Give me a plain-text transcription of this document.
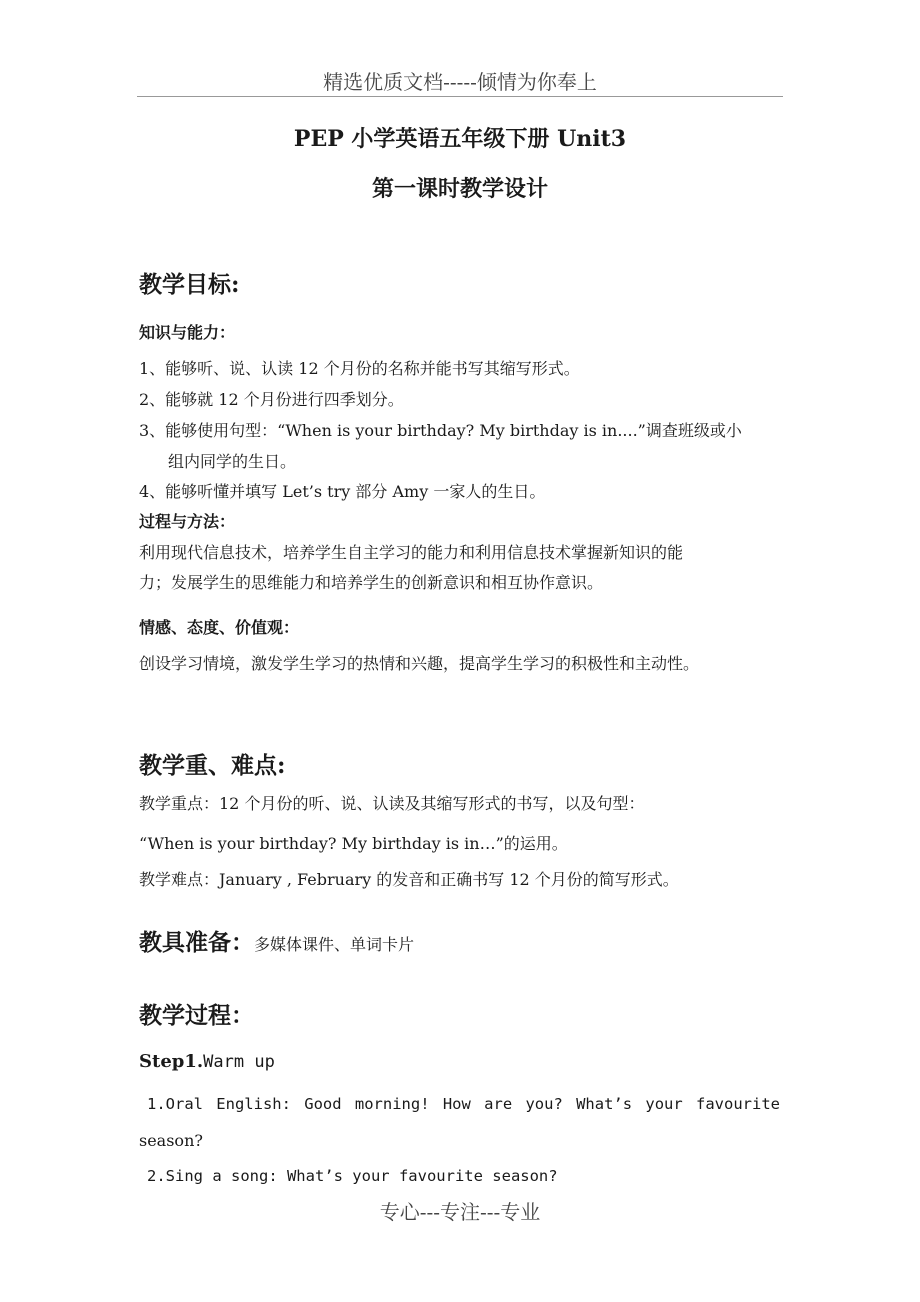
精选优质文档-----倾情为你奉上
PEP 小学英语五年级下册 Unit3
第一课时教学设计
教学目标:
知识与能力：
1、能够听、说、认读 12 个月份的名称并能书写其缩写形式。
2、能够就 12 个月份进行四季划分。
3、能够使用句型：“When is your birthday? My birthday is in....”调查班级或小
组内同学的生日。
4、能够听懂并填写 Let’s try 部分 Amy 一家人的生日。
过程与方法：
利用现代信息技术，培养学生自主学习的能力和利用信息技术掌握新知识的能
力；发展学生的思维能力和培养学生的创新意识和相互协作意识。
情感、态度、价值观：
创设学习情境，激发学生学习的热情和兴趣，提高学生学习的积极性和主动性。
教学重、难点:
教学重点：12 个月份的听、说、认读及其缩写形式的书写，以及句型：
“When is your birthday? My birthday is in…”的运用。
教学难点：January , February 的发音和正确书写 12 个月份的简写形式。
教具准备：多媒体课件、单词卡片
教学过程：
Step1.Warm up
1.Oral English: Good morning! How are you? What’s your favourite
season?
2.Sing a song: What’s your favourite season?
专心---专注---专业
